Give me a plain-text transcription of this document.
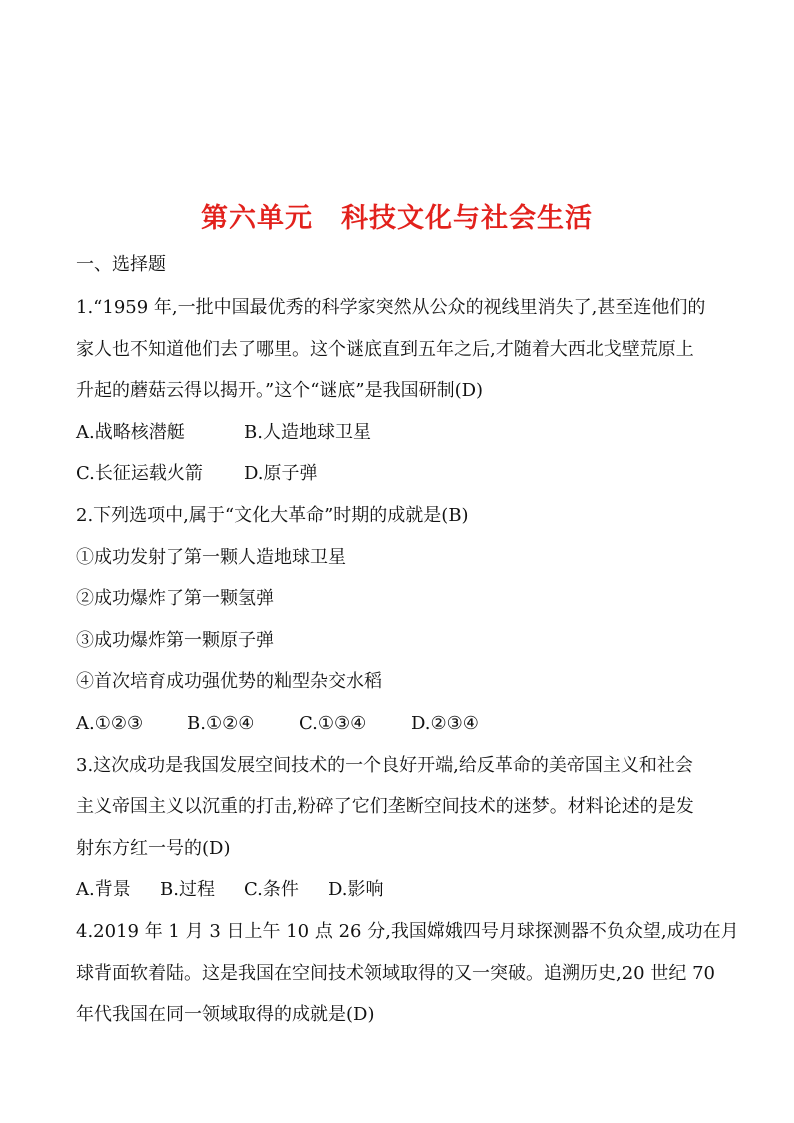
第六单元　科技文化与社会生活
一、选择题
1.“1959 年,一批中国最优秀的科学家突然从公众的视线里消失了,甚至连他们的
家人也不知道他们去了哪里。这个谜底直到五年之后,才随着大西北戈壁荒原上
升起的蘑菇云得以揭开。”这个“谜底”是我国研制(D)
A.战略核潜艇	B.人造地球卫星
C.长征运载火箭 D.原子弹
2.下列选项中,属于“文化大革命”时期的成就是(B)
①成功发射了第一颗人造地球卫星
②成功爆炸了第一颗氢弹
③成功爆炸第一颗原子弹
④首次培育成功强优势的籼型杂交水稻
A.①②③ B.①②④ C.①③④ D.②③④
3.这次成功是我国发展空间技术的一个良好开端,给反革命的美帝国主义和社会
主义帝国主义以沉重的打击,粉碎了它们垄断空间技术的迷梦。材料论述的是发
射东方红一号的(D)
A.背景 B.过程 C.条件 D.影响
4.2019 年 1 月 3 日上午 10 点 26 分,我国嫦娥四号月球探测器不负众望,成功在月
球背面软着陆。这是我国在空间技术领域取得的又一突破。追溯历史,20 世纪 70
年代我国在同一领域取得的成就是(D)
